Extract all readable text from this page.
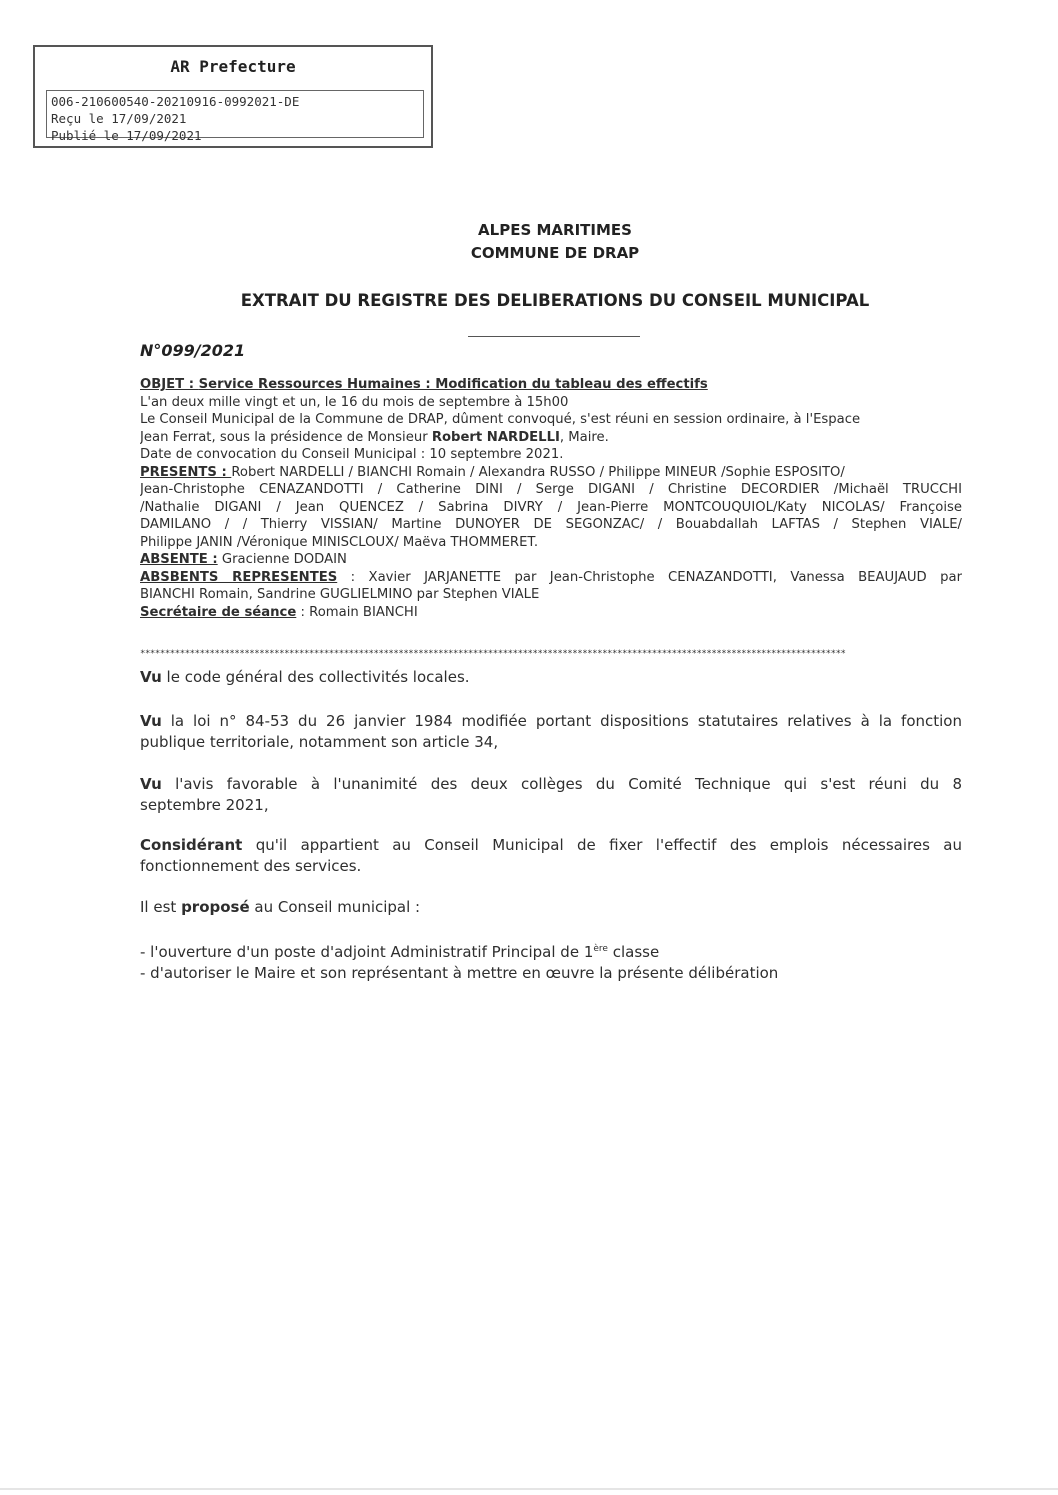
AR Prefecture
006-210600540-20210916-0992021-DE
Reçu le 17/09/2021
Publié le 17/09/2021
ALPES MARITIMES
COMMUNE DE DRAP
EXTRAIT DU REGISTRE DES DELIBERATIONS DU CONSEIL MUNICIPAL
N°099/2021
OBJET : Service Ressources Humaines : Modification du tableau des effectifs
L'an deux mille vingt et un, le 16 du mois de septembre à 15h00
Le Conseil Municipal de la Commune de DRAP, dûment convoqué, s'est réuni en session ordinaire, à l'Espace
Jean Ferrat, sous la présidence de Monsieur Robert NARDELLI, Maire.
Date de convocation du Conseil Municipal : 10 septembre 2021.
PRESENTS : Robert NARDELLI / BIANCHI Romain / Alexandra RUSSO / Philippe MINEUR /Sophie ESPOSITO/
Jean-Christophe CENAZANDOTTI / Catherine DINI / Serge DIGANI / Christine DECORDIER /Michaël TRUCCHI
/Nathalie DIGANI / Jean QUENCEZ / Sabrina DIVRY / Jean-Pierre MONTCOUQUIOL/Katy NICOLAS/ Françoise
DAMILANO / / Thierry VISSIAN/ Martine DUNOYER DE SEGONZAC/ / Bouabdallah LAFTAS / Stephen VIALE/
Philippe JANIN /Véronique MINISCLOUX/ Maëva THOMMERET.
ABSENTE : Gracienne DODAIN
ABSBENTS REPRESENTES : Xavier JARJANETTE par Jean-Christophe CENAZANDOTTI, Vanessa BEAUJAUD par
BIANCHI Romain, Sandrine GUGLIELMINO par Stephen VIALE
Secrétaire de séance : Romain BIANCHI
**********************************************************************************************************************************************
Vu le code général des collectivités locales.
Vu la loi n° 84-53 du 26 janvier 1984 modifiée portant dispositions statutaires relatives à la fonction
publique territoriale, notamment son article 34,
Vu l'avis favorable à l'unanimité des deux collèges du Comité Technique qui s'est réuni du 8
septembre 2021,
Considérant qu'il appartient au Conseil Municipal de fixer l'effectif des emplois nécessaires au
fonctionnement des services.
Il est proposé au Conseil municipal :
- l'ouverture d'un poste d'adjoint Administratif Principal de 1ère classe
- d'autoriser le Maire et son représentant à mettre en œuvre la présente délibération
